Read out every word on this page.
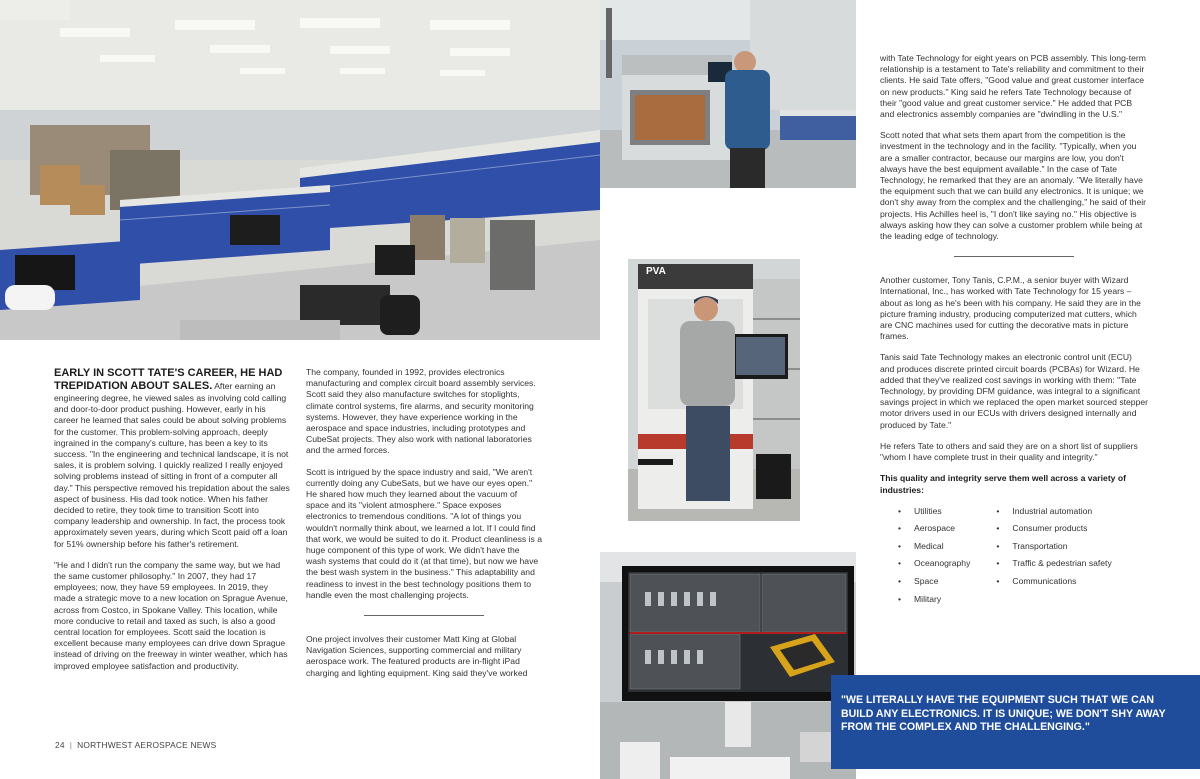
PVA

EARLY IN SCOTT TATE'S CAREER, HE HAD TREPIDATION ABOUT SALES. After earning an engineering degree, he viewed sales as involving cold calling and door-to-door product pushing. However, early in his career he learned that sales could be about solving problems for the customer. This problem-solving approach, deeply ingrained in the company's culture, has been a key to its success. "In the engineering and technical landscape, it is not sales, it is problem solving. I quickly realized I really enjoyed solving problems instead of sitting in front of a computer all day." This perspective removed his trepidation about the sales aspect of business. His dad took notice. When his father decided to retire, they took time to transition Scott into company leadership and ownership. In fact, the process took approximately seven years, during which Scott paid off a loan for 51% ownership before his father's retirement.

"He and I didn't run the company the same way, but we had the same customer philosophy." In 2007, they had 17 employees; now, they have 59 employees. In 2019, they made a strategic move to a new location on Sprague Avenue, across from Costco, in Spokane Valley. This location, while more conducive to retail and taxed as such, is also a good central location for employees. Scott said the location is excellent because many employees can drive down Sprague instead of driving on the freeway in winter weather, which has improved employee satisfaction and productivity.

The company, founded in 1992, provides electronics manufacturing and complex circuit board assembly services. Scott said they also manufacture switches for stoplights, climate control systems, fire alarms, and security monitoring systems. However, they have experience working in the aerospace and space industries, including prototypes and CubeSat projects. They also work with national laboratories and the armed forces.

Scott is intrigued by the space industry and said, "We aren't currently doing any CubeSats, but we have our eyes open." He shared how much they learned about the vacuum of space and its "violent atmosphere." Space exposes electronics to tremendous conditions. "A lot of things you wouldn't normally think about, we learned a lot. If I could find that work, we would be suited to do it. Product cleanliness is a huge component of this type of work. We didn't have the wash systems that could do it (at that time), but now we have the best wash system in the business." This adaptability and readiness to invest in the best technology positions them to handle even the most challenging projects.

One project involves their customer Matt King at Global Navigation Sciences, supporting commercial and military aerospace work. The featured products are in-flight iPad charging and lighting equipment. King said they've worked

with Tate Technology for eight years on PCB assembly. This long-term relationship is a testament to Tate's reliability and commitment to their clients. He said Tate offers, "Good value and great customer interface on new products." King said he refers Tate Technology because of their "good value and great customer service." He added that PCB and electronics assembly companies are "dwindling in the U.S."

Scott noted that what sets them apart from the competition is the investment in the technology and in the facility. "Typically, when you are a smaller contractor, because our margins are low, you don't always have the best equipment available." In the case of Tate Technology, he remarked that they are an anomaly. "We literally have the equipment such that we can build any electronics. It is unique; we don't shy away from the complex and the challenging," he said of their projects. His Achilles heel is, "I don't like saying no." His objective is always asking how they can solve a customer problem while being at the leading edge of technology.

Another customer, Tony Tanis, C.P.M., a senior buyer with Wizard International, Inc., has worked with Tate Technology for 15 years – about as long as he's been with his company. He said they are in the picture framing industry, producing computerized mat cutters, which are CNC machines used for cutting the decorative mats in picture frames.

Tanis said Tate Technology makes an electronic control unit (ECU) and produces discrete printed circuit boards (PCBAs) for Wizard. He added that they've realized cost savings in working with them: "Tate Technology, by providing DFM guidance, was integral to a significant savings project in which we replaced the open market sourced stepper motor drivers used in our ECUs with drivers designed internally and produced by Tate."

He refers Tate to others and said they are on a short list of suppliers "whom I have complete trust in their quality and integrity."

This quality and integrity serve them well across a variety of industries:

• Utilities
• Aerospace
• Medical
• Oceanography
• Space
• Military
• Industrial automation
• Consumer products
• Transportation
• Traffic & pedestrian safety
• Communications
"WE LITERALLY HAVE THE EQUIPMENT SUCH THAT WE CAN BUILD ANY ELECTRONICS. IT IS UNIQUE; WE DON'T SHY AWAY FROM THE COMPLEX AND THE CHALLENGING."
24 | NORTHWEST AEROSPACE NEWS
